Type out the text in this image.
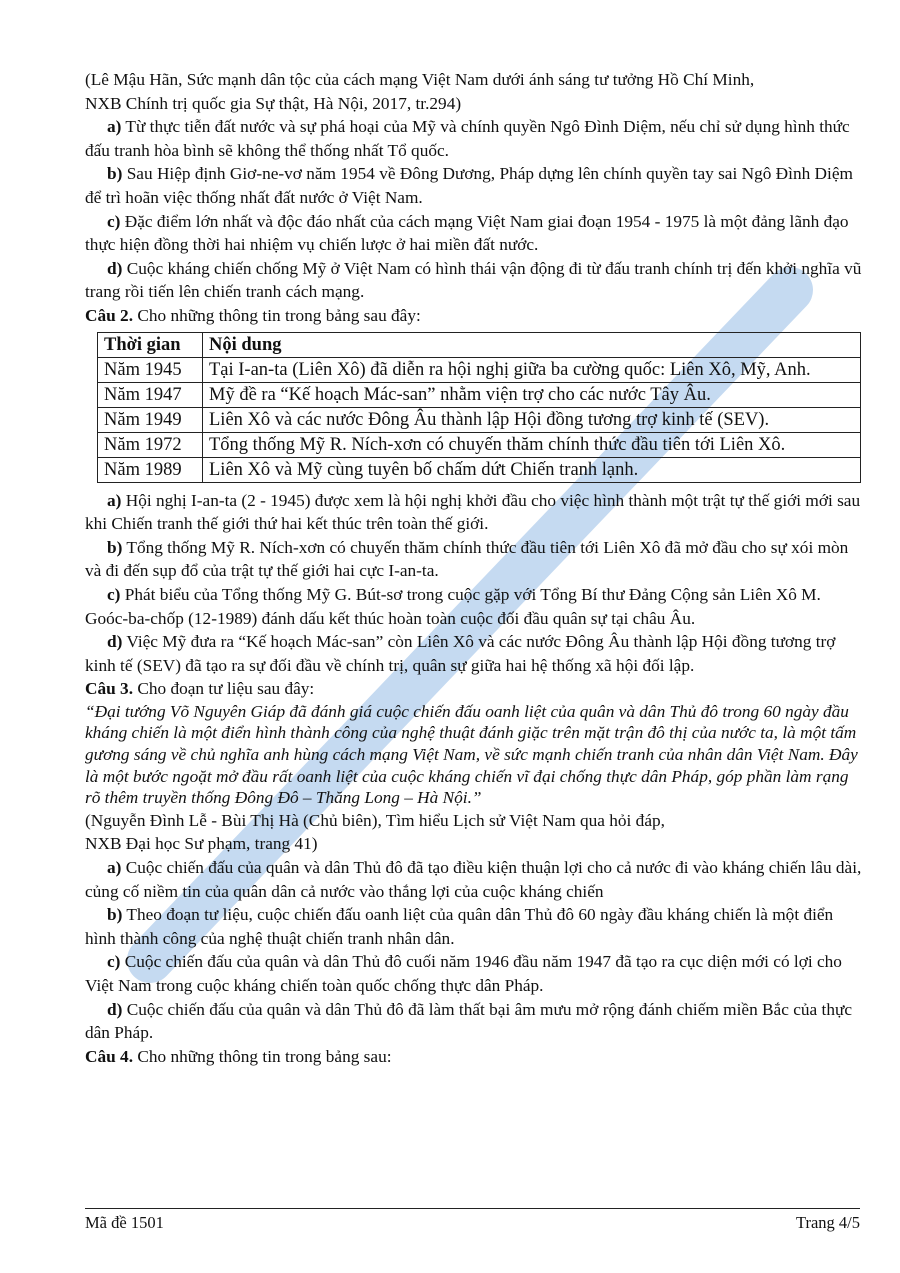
(Lê Mậu Hãn, Sức mạnh dân tộc của cách mạng Việt Nam dưới ánh sáng tư tưởng Hồ Chí Minh,

NXB Chính trị quốc gia Sự thật, Hà Nội, 2017, tr.294)

a) Từ thực tiễn đất nước và sự phá hoại của Mỹ và chính quyền Ngô Đình Diệm, nếu chỉ sử dụng hình thức đấu tranh hòa bình sẽ không thể thống nhất Tổ quốc.

b) Sau Hiệp định Giơ-ne-vơ năm 1954 về Đông Dương, Pháp dựng lên chính quyền tay sai Ngô Đình Diệm để trì hoãn việc thống nhất đất nước ở Việt Nam.

c) Đặc điểm lớn nhất và độc đáo nhất của cách mạng Việt Nam giai đoạn 1954 - 1975 là một đảng lãnh đạo thực hiện đồng thời hai nhiệm vụ chiến lược ở hai miền đất nước.

d) Cuộc kháng chiến chống Mỹ ở Việt Nam có hình thái vận động đi từ đấu tranh chính trị đến khởi nghĩa vũ trang rồi tiến lên chiến tranh cách mạng.

Câu 2. Cho những thông tin trong bảng sau đây:

Thời gian	Nội dung
Năm 1945	Tại I-an-ta (Liên Xô) đã diễn ra hội nghị giữa ba cường quốc: Liên Xô, Mỹ, Anh.
Năm 1947	Mỹ đề ra “Kế hoạch Mác-san” nhằm viện trợ cho các nước Tây Âu.
Năm 1949	Liên Xô và các nước Đông Âu thành lập Hội đồng tương trợ kinh tế (SEV).
Năm 1972	Tổng thống Mỹ R. Ních-xơn có chuyến thăm chính thức đầu tiên tới Liên Xô.
Năm 1989	Liên Xô và Mỹ cùng tuyên bố chấm dứt Chiến tranh lạnh.

a) Hội nghị I-an-ta (2 - 1945) được xem là hội nghị khởi đầu cho việc hình thành một trật tự thế giới mới sau khi Chiến tranh thế giới thứ hai kết thúc trên toàn thế giới.

b) Tổng thống Mỹ R. Ních-xơn có chuyến thăm chính thức đầu tiên tới Liên Xô đã mở đầu cho sự xói mòn và đi đến sụp đổ của trật tự thế giới hai cực I-an-ta.

c) Phát biểu của Tổng thống Mỹ G. Bút-sơ trong cuộc gặp với Tổng Bí thư Đảng Cộng sản Liên Xô M. Goóc-ba-chốp (12-1989) đánh dấu kết thúc hoàn toàn cuộc đối đầu quân sự tại châu Âu.

d) Việc Mỹ đưa ra “Kế hoạch Mác-san” còn Liên Xô và các nước Đông Âu thành lập Hội đồng tương trợ kinh tế (SEV) đã tạo ra sự đối đầu về chính trị, quân sự giữa hai hệ thống xã hội đối lập.

Câu 3. Cho đoạn tư liệu sau đây:

“Đại tướng Võ Nguyên Giáp đã đánh giá cuộc chiến đấu oanh liệt của quân và dân Thủ đô trong 60 ngày đầu kháng chiến là một điển hình thành công của nghệ thuật đánh giặc trên mặt trận đô thị của nước ta, là một tấm gương sáng về chủ nghĩa anh hùng cách mạng Việt Nam, về sức mạnh chiến tranh của nhân dân Việt Nam. Đây là một bước ngoặt mở đầu rất oanh liệt của cuộc kháng chiến vĩ đại chống thực dân Pháp, góp phần làm rạng rõ thêm truyền thống Đông Đô – Thăng Long – Hà Nội.”

(Nguyễn Đình Lễ - Bùi Thị Hà (Chủ biên), Tìm hiểu Lịch sử Việt Nam qua hỏi đáp,

NXB Đại học Sư phạm, trang 41)

a) Cuộc chiến đấu của quân và dân Thủ đô đã tạo điều kiện thuận lợi cho cả nước đi vào kháng chiến lâu dài, củng cố niềm tin của quân dân cả nước vào thắng lợi của cuộc kháng chiến

b) Theo đoạn tư liệu, cuộc chiến đấu oanh liệt của quân dân Thủ đô 60 ngày đầu kháng chiến là một điển hình thành công của nghệ thuật chiến tranh nhân dân.

c) Cuộc chiến đấu của quân và dân Thủ đô cuối năm 1946 đầu năm 1947 đã tạo ra cục diện mới có lợi cho Việt Nam trong cuộc kháng chiến toàn quốc chống thực dân Pháp.

d) Cuộc chiến đấu của quân và dân Thủ đô đã làm thất bại âm mưu mở rộng đánh chiếm miền Bắc của thực dân Pháp.

Câu 4. Cho những thông tin trong bảng sau:

Mã đề 1501	Trang 4/5
